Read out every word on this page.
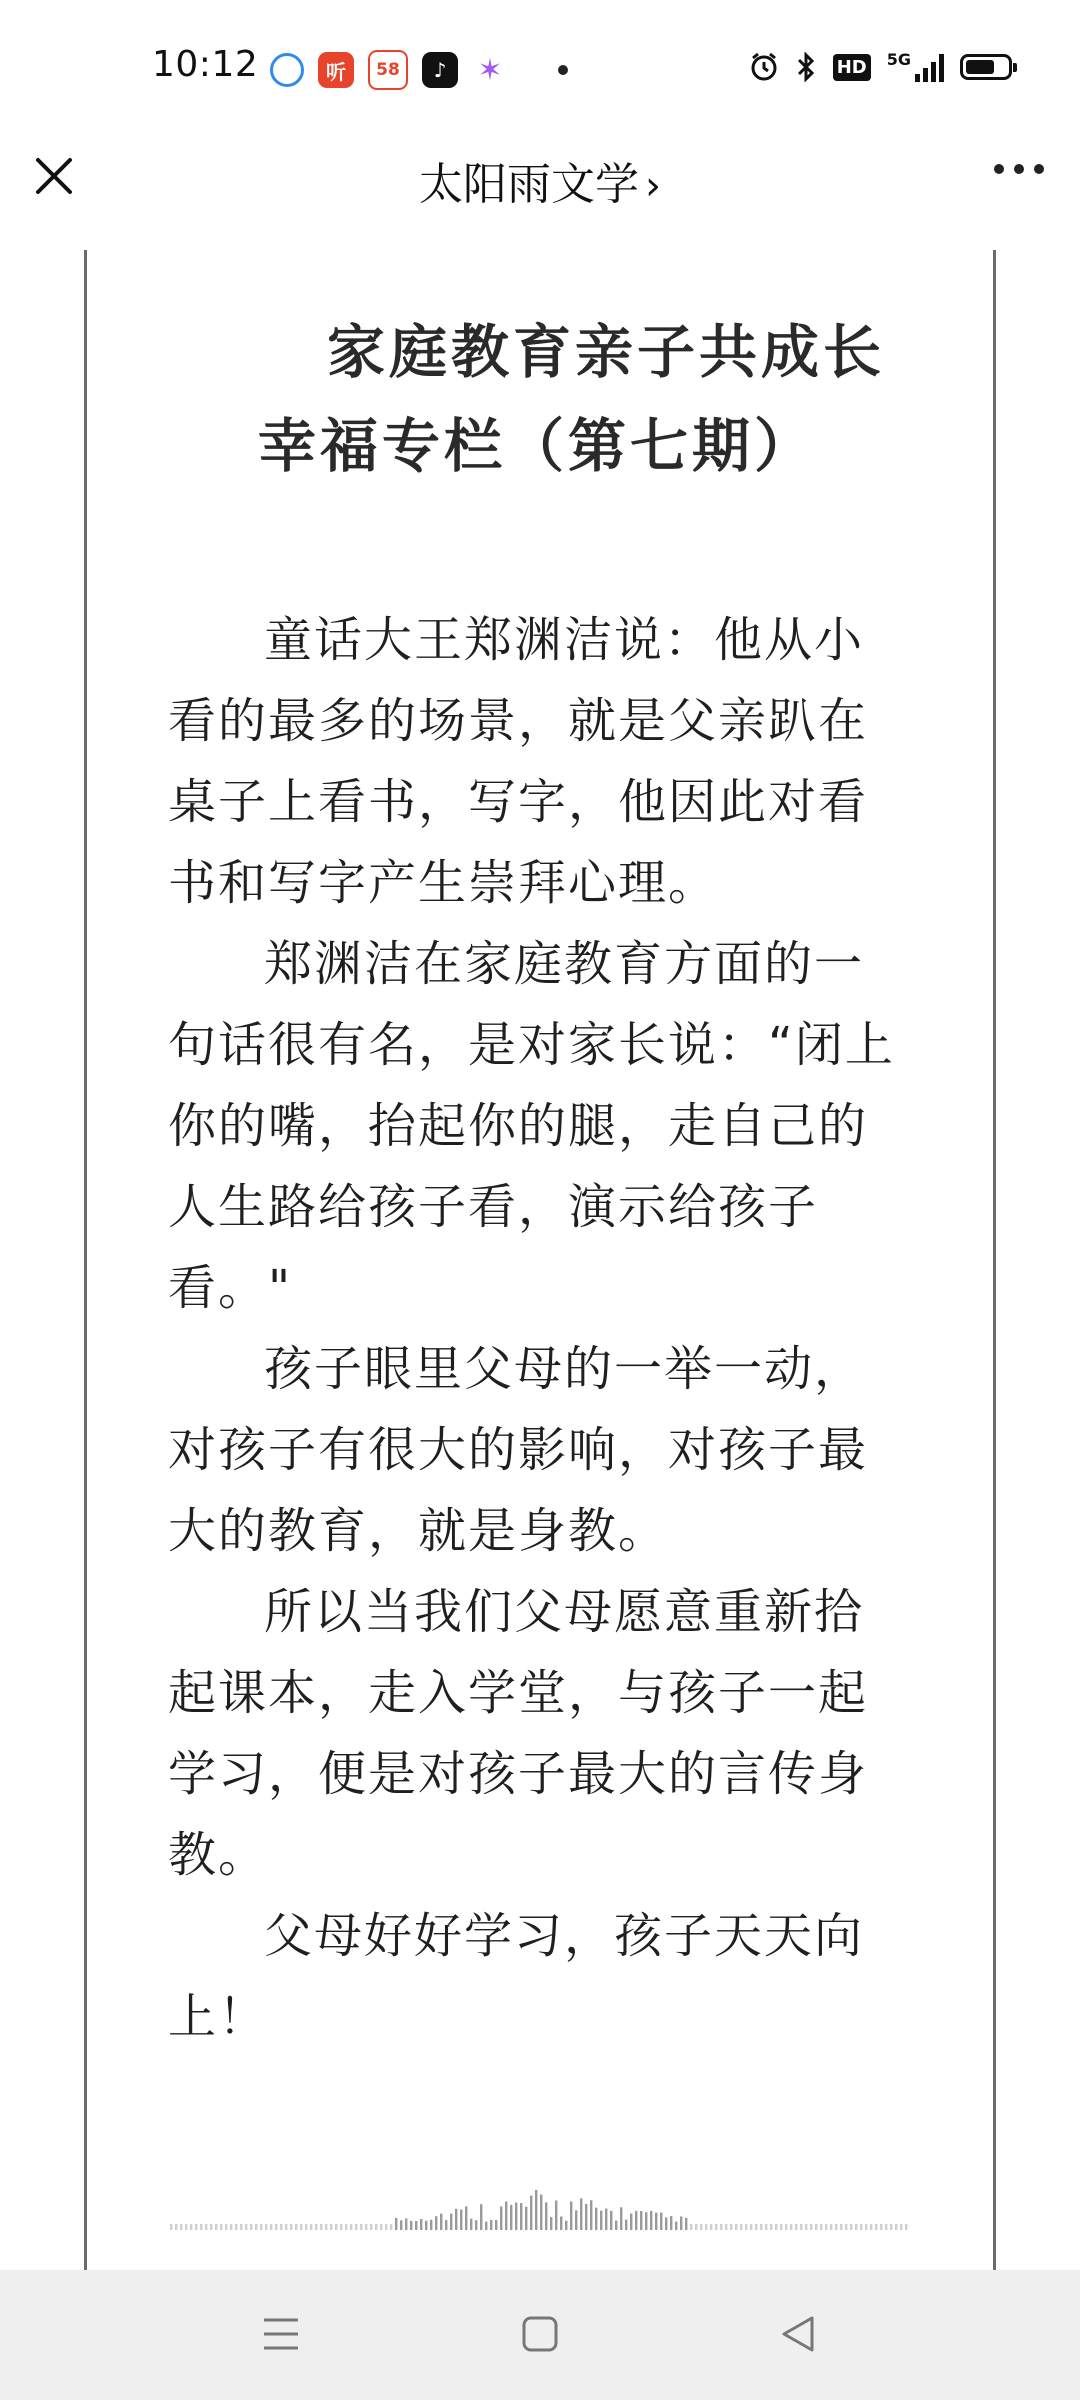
10:12	听	58	♪	✶	HD 5G
太阳雨文学 ›
家庭教育亲子共成长
幸福专栏（第七期）

童话大王郑渊洁说：他从小看的最多的场景，就是父亲趴在桌子上看书，写字，他因此对看书和写字产生崇拜心理。

郑渊洁在家庭教育方面的一句话很有名，是对家长说：“闭上你的嘴，抬起你的腿，走自己的人生路给孩子看，演示给孩子看。"

孩子眼里父母的一举一动，对孩子有很大的影响，对孩子最大的教育，就是身教。

所以当我们父母愿意重新拾起课本，走入学堂，与孩子一起学习，便是对孩子最大的言传身教。

父母好好学习，孩子天天向上！
